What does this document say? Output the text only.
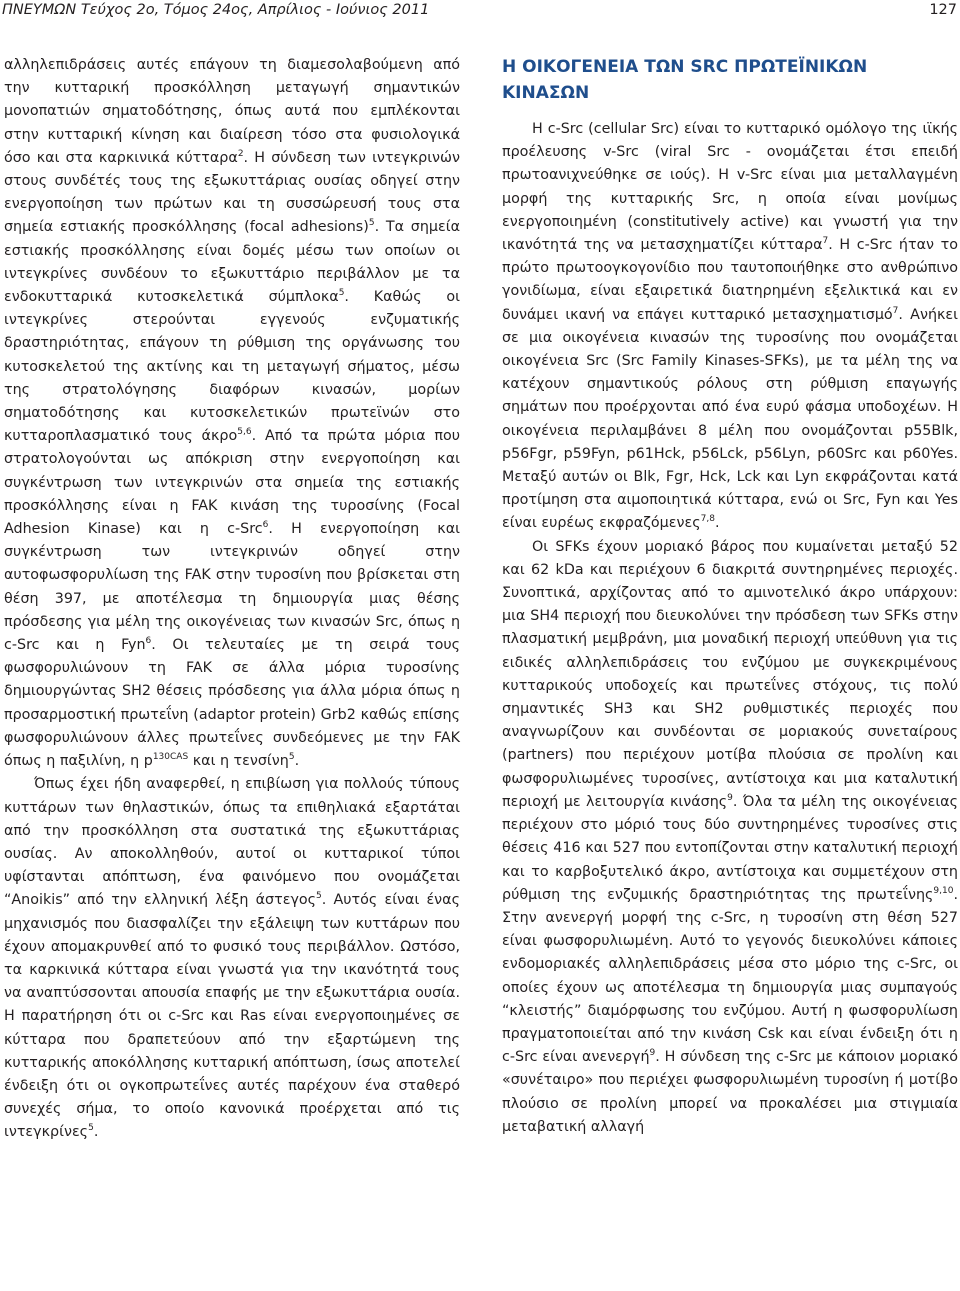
ΠΝΕΥΜΩΝ Τεύχος 2ο, Τόμος 24ος, Απρίλιος - Ιούνιος 2011	127

αλληλεπιδράσεις αυτές επάγουν τη διαμεσολαβούμενη από την κυτταρική προσκόλληση μεταγωγή σημαντικών μονοπατιών σηματοδότησης, όπως αυτά που εμπλέκονται στην κυτταρική κίνηση και διαίρεση τόσο στα φυσιολογικά όσο και στα καρκινικά κύτταρα$^2$. Η σύνδεση των ιντεγκρινών στους συνδέτές τους της εξωκυττάριας ουσίας οδηγεί στην ενεργοποίηση των πρώτων και τη συσσώρευσή τους στα σημεία εστιακής προσκόλλησης (focal adhesions)$^5$. Τα σημεία εστιακής προσκόλλησης είναι δομές μέσω των οποίων οι ιντεγκρίνες συνδέουν το εξωκυττάριο περιβάλλον με τα ενδοκυτταρικά κυτοσκελετικά σύμπλοκα$^5$. Καθώς οι ιντεγκρίνες στερούνται εγγενούς ενζυματικής δραστηριότητας, επάγουν τη ρύθμιση της οργάνωσης του κυτοσκελετού της ακτίνης και τη μεταγωγή σήματος, μέσω της στρατολόγησης διαφόρων κινασών, μορίων σηματοδότησης και κυτοσκελετικών πρωτεϊνών στο κυτταροπλασματικό τους άκρο$^{5,6}$. Από τα πρώτα μόρια που στρατολογούνται ως απόκριση στην ενεργοποίηση και συγκέντρωση των ιντεγκρινών στα σημεία της εστιακής προσκόλλησης είναι η FAK κινάση της τυροσίνης (Focal Adhesion Kinase) και η c-Src$^6$. Η ενεργοποίηση και συγκέντρωση των ιντεγκρινών οδηγεί στην αυτοφωσφορυλίωση της FAK στην τυροσίνη που βρίσκεται στη θέση 397, με αποτέλεσμα τη δημιουργία μιας θέσης πρόσδεσης για μέλη της οικογένειας των κινασών Src, όπως η c-Src και η Fyn$^6$. Οι τελευταίες με τη σειρά τους φωσφορυλιώνουν τη FAK σε άλλα μόρια τυροσίνης δημιουργώντας SH2 θέσεις πρόσδεσης για άλλα μόρια όπως η προσαρμοστική πρωτεΐνη (adaptor protein) Grb2 καθώς επίσης φωσφορυλιώνουν άλλες πρωτεΐνες συνδεόμενες με την FAK όπως η παξιλίνη, η $p^{130CAS}$ και η τενσίνη$^5$.

Όπως έχει ήδη αναφερθεί, η επιβίωση για πολλούς τύπους κυττάρων των θηλαστικών, όπως τα επιθηλιακά εξαρτάται από την προσκόλληση στα συστατικά της εξωκυττάριας ουσίας. Αν αποκολληθούν, αυτοί οι κυτταρικοί τύποι υφίστανται απόπτωση, ένα φαινόμενο που ονομάζεται “Anoikis” από την ελληνική λέξη άστεγος$^5$. Αυτός είναι ένας μηχανισμός που διασφαλίζει την εξάλειψη των κυττάρων που έχουν απομακρυνθεί από το φυσικό τους περιβάλλον. Ωστόσο, τα καρκινικά κύτταρα είναι γνωστά για την ικανότητά τους να αναπτύσσονται απουσία επαφής με την εξωκυττάρια ουσία. Η παρατήρηση ότι οι c-Src και Ras είναι ενεργοποιημένες σε κύτταρα που δραπετεύουν από την εξαρτώμενη της κυτταρικής αποκόλλησης κυτταρική απόπτωση, ίσως αποτελεί ένδειξη ότι οι ογκοπρωτεΐνες αυτές παρέχουν ένα σταθερό συνεχές σήμα, το οποίο κανονικά προέρχεται από τις ιντεγκρίνες$^5$.

Η ΟΙΚΟΓΕΝΕΙΑ ΤΩΝ SRC ΠΡΩΤΕΪΝΙΚΩΝ ΚΙΝΑΣΩΝ

Η c-Src (cellular Src) είναι το κυτταρικό ομόλογο της ιϊκής προέλευσης v-Src (viral Src - ονομάζεται έτσι επειδή πρωτοανιχνεύθηκε σε ιούς). Η v-Src είναι μια μεταλλαγμένη μορφή της κυτταρικής Src, η οποία είναι μονίμως ενεργοποιημένη (constitutively active) και γνωστή για την ικανότητά της να μετασχηματίζει κύτταρα$^7$. Η c-Src ήταν το πρώτο πρωτοογκογονίδιο που ταυτοποιήθηκε στο ανθρώπινο γονιδίωμα, είναι εξαιρετικά διατηρημένη εξελικτικά και εν δυνάμει ικανή να επάγει κυτταρικό μετασχηματισμό$^7$. Ανήκει σε μια οικογένεια κινασών της τυροσίνης που ονομάζεται οικογένεια Src (Src Family Kinases-SFKs), με τα μέλη της να κατέχουν σημαντικούς ρόλους στη ρύθμιση επαγωγής σημάτων που προέρχονται από ένα ευρύ φάσμα υποδοχέων. Η οικογένεια περιλαμβάνει 8 μέλη που ονομάζονται p55Blk, p56Fgr, p59Fyn, p61Hck, p56Lck, p56Lyn, p60Src και p60Yes. Μεταξύ αυτών οι Blk, Fgr, Hck, Lck και Lyn εκφράζονται κατά προτίμηση στα αιμοποιητικά κύτταρα, ενώ οι Src, Fyn και Yes είναι ευρέως εκφραζόμενες$^{7,8}$.

Οι SFKs έχουν μοριακό βάρος που κυμαίνεται μεταξύ 52 και 62 kDa και περιέχουν 6 διακριτά συντηρημένες περιοχές. Συνοπτικά, αρχίζοντας από το αμινοτελικό άκρο υπάρχουν: μια SH4 περιοχή που διευκολύνει την πρόσδεση των SFKs στην πλασματική μεμβράνη, μια μοναδική περιοχή υπεύθυνη για τις ειδικές αλληλεπιδράσεις του ενζύμου με συγκεκριμένους κυτταρικούς υποδοχείς και πρωτεΐνες στόχους, τις πολύ σημαντικές SH3 και SH2 ρυθμιστικές περιοχές που αναγνωρίζουν και συνδέονται σε μοριακούς συνεταίρους (partners) που περιέχουν μοτίβα πλούσια σε προλίνη και φωσφορυλιωμένες τυροσίνες, αντίστοιχα και μια καταλυτική περιοχή με λειτουργία κινάσης$^9$. Όλα τα μέλη της οικογένειας περιέχουν στο μόριό τους δύο συντηρημένες τυροσίνες στις θέσεις 416 και 527 που εντοπίζονται στην καταλυτική περιοχή και το καρβοξυτελικό άκρο, αντίστοιχα και συμμετέχουν στη ρύθμιση της ενζυμικής δραστηριότητας της πρωτεΐνης$^{9,10}$. Στην ανενεργή μορφή της c-Src, η τυροσίνη στη θέση 527 είναι φωσφορυλιωμένη. Αυτό το γεγονός διευκολύνει κάποιες ενδομοριακές αλληλεπιδράσεις μέσα στο μόριο της c-Src, οι οποίες έχουν ως αποτέλεσμα τη δημιουργία μιας συμπαγούς “κλειστής” διαμόρφωσης του ενζύμου. Αυτή η φωσφορυλίωση πραγματοποιείται από την κινάση Csk και είναι ένδειξη ότι η c-Src είναι ανενεργή$^9$. Η σύνδεση της c-Src με κάποιον μοριακό «συνέταιρο» που περιέχει φωσφορυλιωμένη τυροσίνη ή μοτίβο πλούσιο σε προλίνη μπορεί να προκαλέσει μια στιγμιαία μεταβατική αλλαγή
